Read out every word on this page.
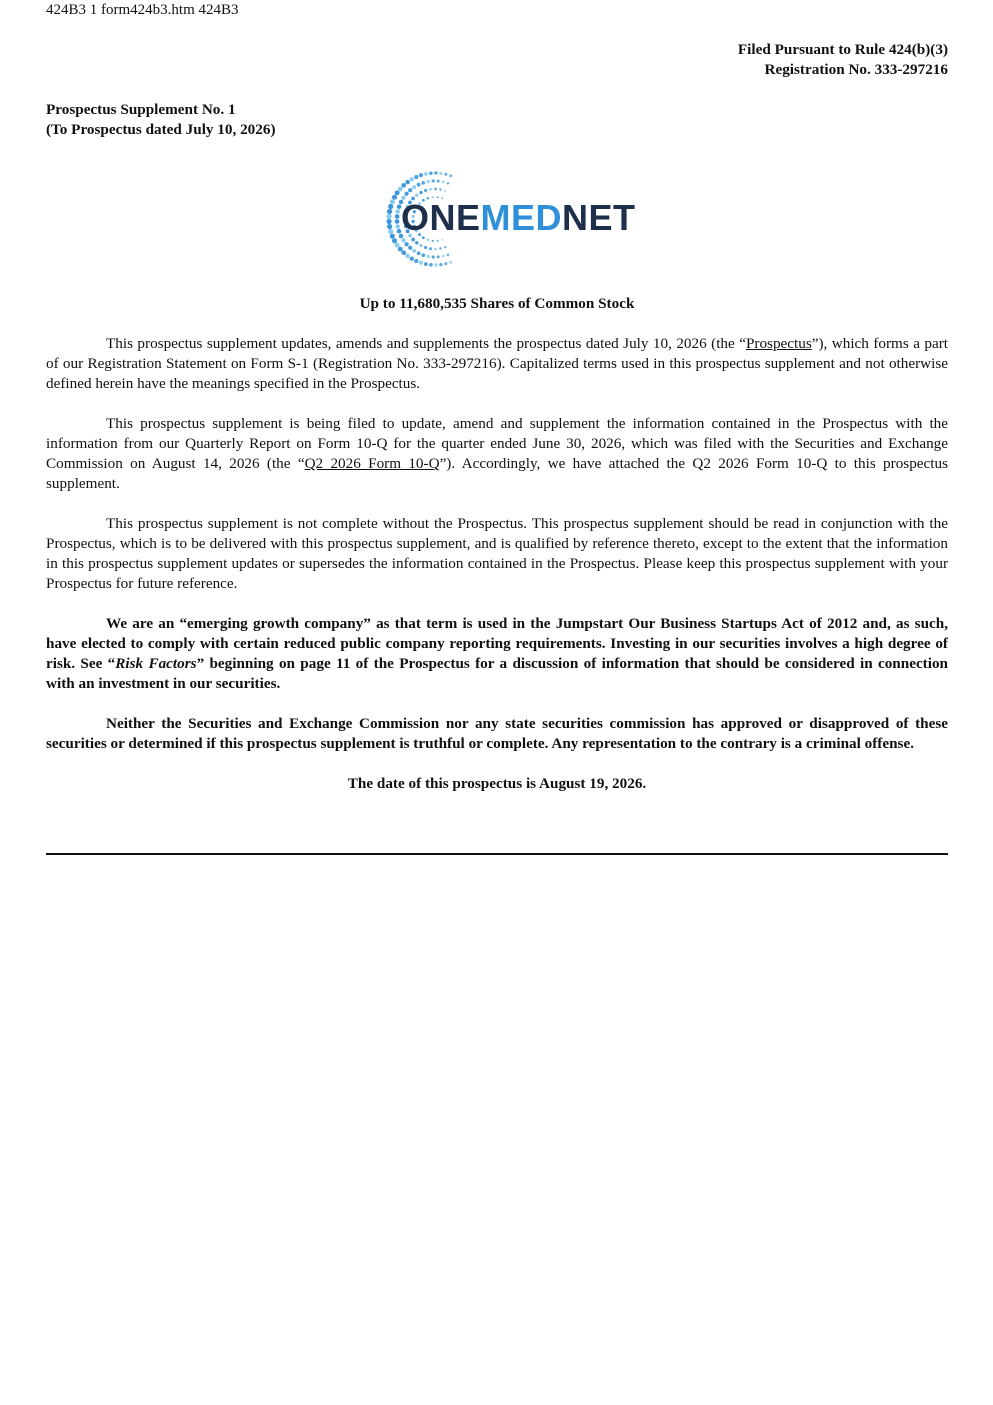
424B3 1 form424b3.htm 424B3
Filed Pursuant to Rule 424(b)(3)
Registration No. 333-297216
Prospectus Supplement No. 1
(To Prospectus dated July 10, 2026)
ONEMEDNET
Up to 11,680,535 Shares of Common Stock

This prospectus supplement updates, amends and supplements the prospectus dated July 10, 2026 (the “Prospectus”), which forms a part of our Registration Statement on Form S-1 (Registration No. 333-297216). Capitalized terms used in this prospectus supplement and not otherwise defined herein have the meanings specified in the Prospectus.

This prospectus supplement is being filed to update, amend and supplement the information contained in the Prospectus with the information from our Quarterly Report on Form 10-Q for the quarter ended June 30, 2026, which was filed with the Securities and Exchange Commission on August 14, 2026 (the “Q2 2026 Form 10-Q”). Accordingly, we have attached the Q2 2026 Form 10-Q to this prospectus supplement.

This prospectus supplement is not complete without the Prospectus. This prospectus supplement should be read in conjunction with the Prospectus, which is to be delivered with this prospectus supplement, and is qualified by reference thereto, except to the extent that the information in this prospectus supplement updates or supersedes the information contained in the Prospectus. Please keep this prospectus supplement with your Prospectus for future reference.

We are an “emerging growth company” as that term is used in the Jumpstart Our Business Startups Act of 2012 and, as such, have elected to comply with certain reduced public company reporting requirements. Investing in our securities involves a high degree of risk. See “Risk Factors” beginning on page 11 of the Prospectus for a discussion of information that should be considered in connection with an investment in our securities.

Neither the Securities and Exchange Commission nor any state securities commission has approved or disapproved of these securities or determined if this prospectus supplement is truthful or complete. Any representation to the contrary is a criminal offense.

The date of this prospectus is August 19, 2026.
